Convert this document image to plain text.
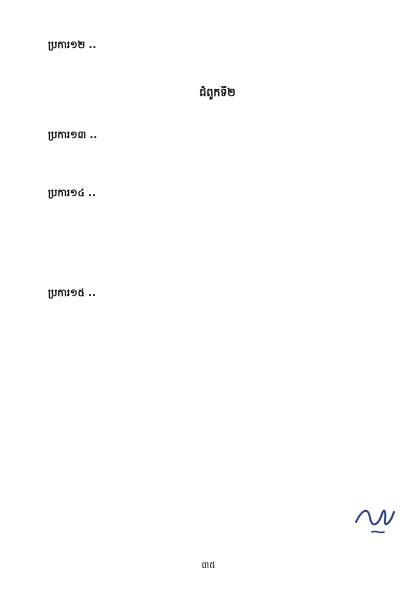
ប្រការ១២ ..

ជំពូកទី២
ប្រការ១៣ ..

ប្រការ១៤ ..

ប្រការ១៥ ..

៣៥
